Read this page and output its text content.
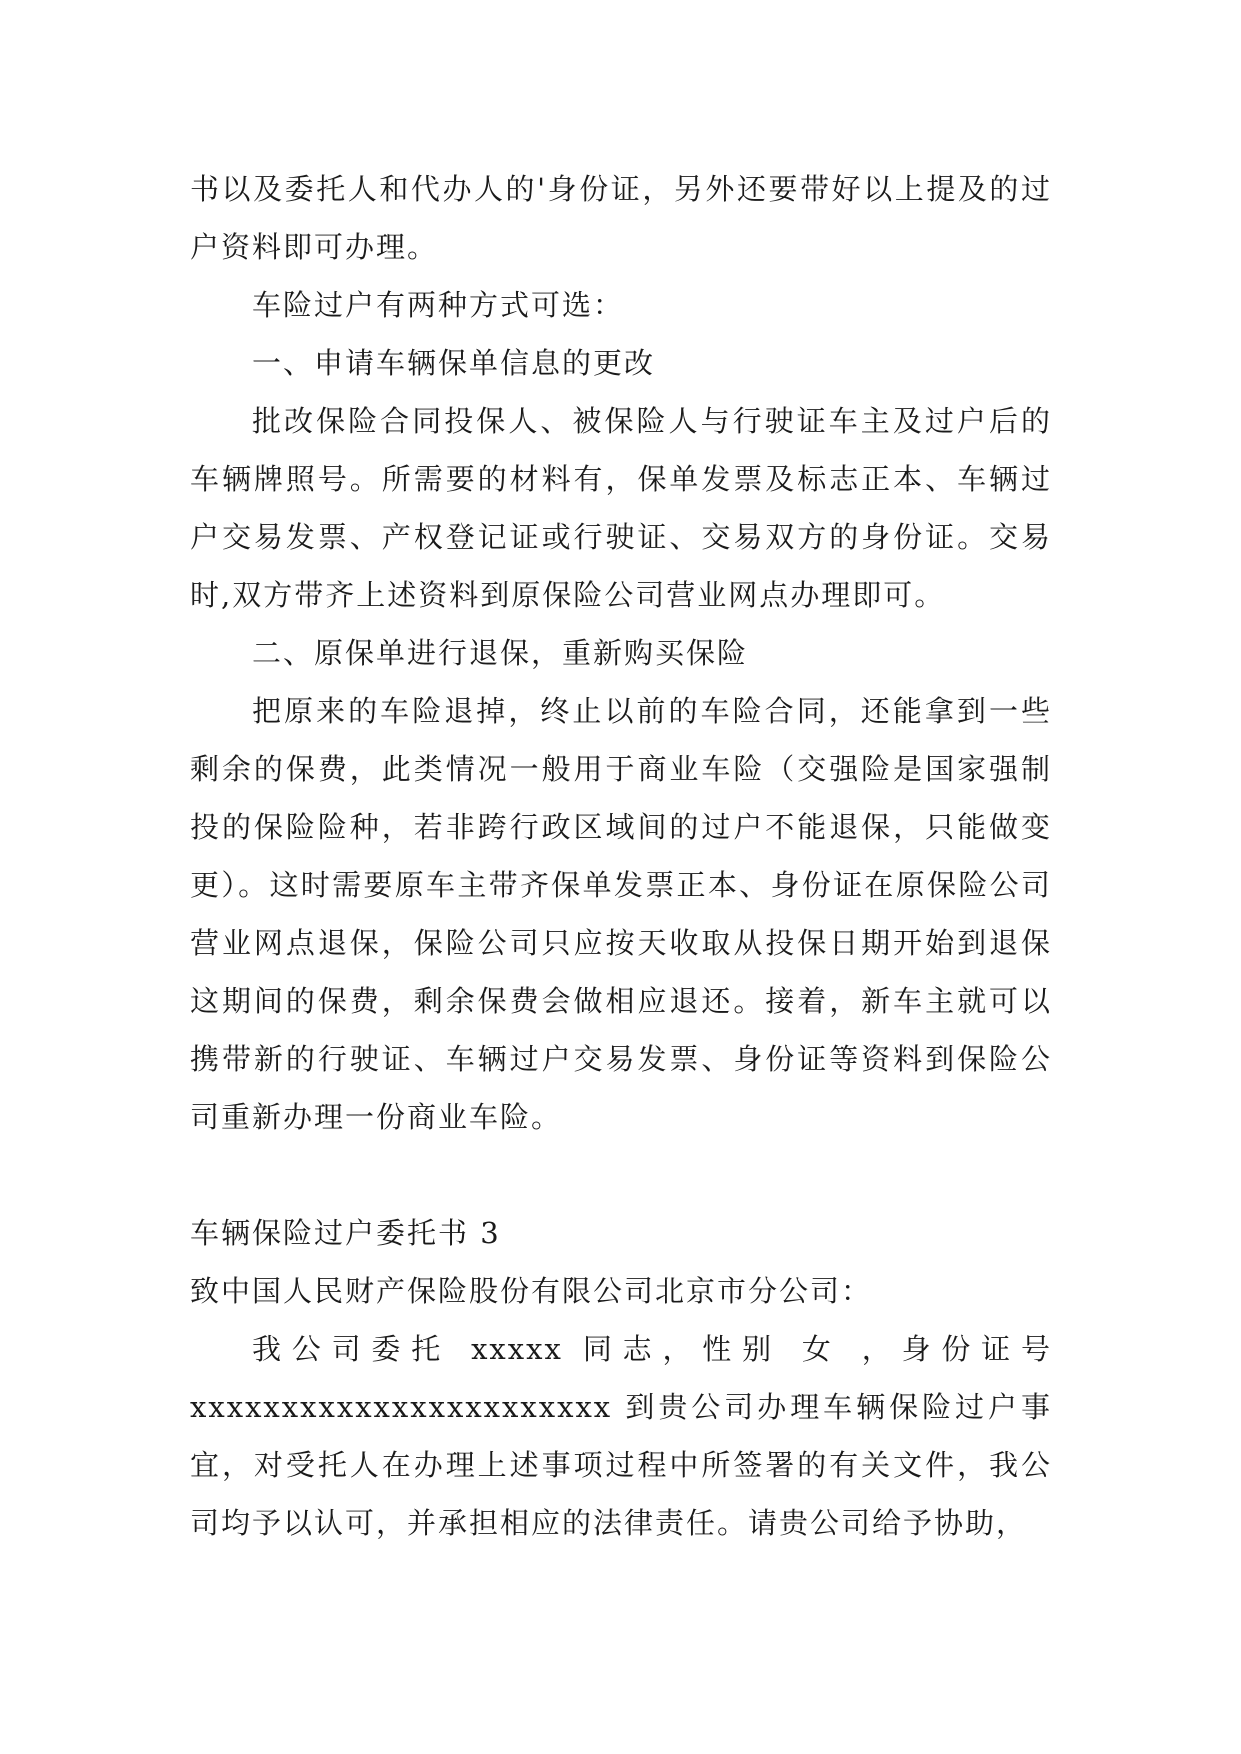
书以及委托人和代办人的'身份证，另外还要带好以上提及的过户资料即可办理。

车险过户有两种方式可选：

一、申请车辆保单信息的更改

批改保险合同投保人、被保险人与行驶证车主及过户后的车辆牌照号。所需要的材料有，保单发票及标志正本、车辆过户交易发票、产权登记证或行驶证、交易双方的身份证。交易时,双方带齐上述资料到原保险公司营业网点办理即可。

二、原保单进行退保，重新购买保险

把原来的车险退掉，终止以前的车险合同，还能拿到一些剩余的保费，此类情况一般用于商业车险（交强险是国家强制投的保险险种，若非跨行政区域间的过户不能退保，只能做变更）。这时需要原车主带齐保单发票正本、身份证在原保险公司营业网点退保，保险公司只应按天收取从投保日期开始到退保这期间的保费，剩余保费会做相应退还。接着，新车主就可以携带新的行驶证、车辆过户交易发票、身份证等资料到保险公司重新办理一份商业车险。

车辆保险过户委托书 3

致中国人民财产保险股份有限公司北京市分公司：

我公司委托 xxxxx 同志，性别 女 ，身份证号 xxxxxxxxxxxxxxxxxxxxxxx 到贵公司办理车辆保险过户事宜，对受托人在办理上述事项过程中所签署的有关文件，我公司均予以认可，并承担相应的法律责任。请贵公司给予协助，
